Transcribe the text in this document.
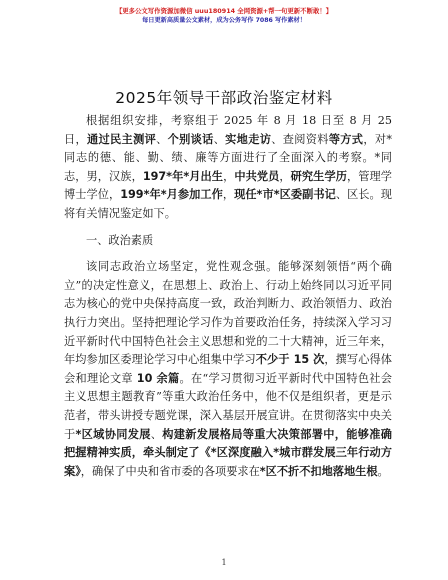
【更多公文写作资源加微信 uuu180914 全网资源+帮一句更新不断敢！】
每日更新高质量公文素材，成为公务写作 7086 写作素材！
2025年领导干部政治鉴定材料

根据组织安排，考察组于 2025 年 8 月 18 日至 8 月 25 日，通过民主测评、个别谈话、实地走访、查阅资料等方式，对*同志的德、能、勤、绩、廉等方面进行了全面深入的考察。*同志，男，汉族，197*年*月出生，中共党员，研究生学历，管理学博士学位，199*年*月参加工作，现任*市*区委副书记、区长。现将有关情况鉴定如下。

一、政治素质

该同志政治立场坚定，党性观念强。能够深刻领悟“两个确立”的决定性意义，在思想上、政治上、行动上始终同以习近平同志为核心的党中央保持高度一致，政治判断力、政治领悟力、政治执行力突出。坚持把理论学习作为首要政治任务，持续深入学习习近平新时代中国特色社会主义思想和党的二十大精神，近三年来，年均参加区委理论学习中心组集中学习不少于 15 次，撰写心得体会和理论文章 10 余篇。在“学习贯彻习近平新时代中国特色社会主义思想主题教育”等重大政治任务中，他不仅是组织者，更是示范者，带头讲授专题党课，深入基层开展宣讲。在贯彻落实中央关于*区域协同发展、构建新发展格局等重大决策部署中，能够准确把握精神实质，牵头制定了《*区深度融入*城市群发展三年行动方案》，确保了中央和省市委的各项要求在*区不折不扣地落地生根。

1
